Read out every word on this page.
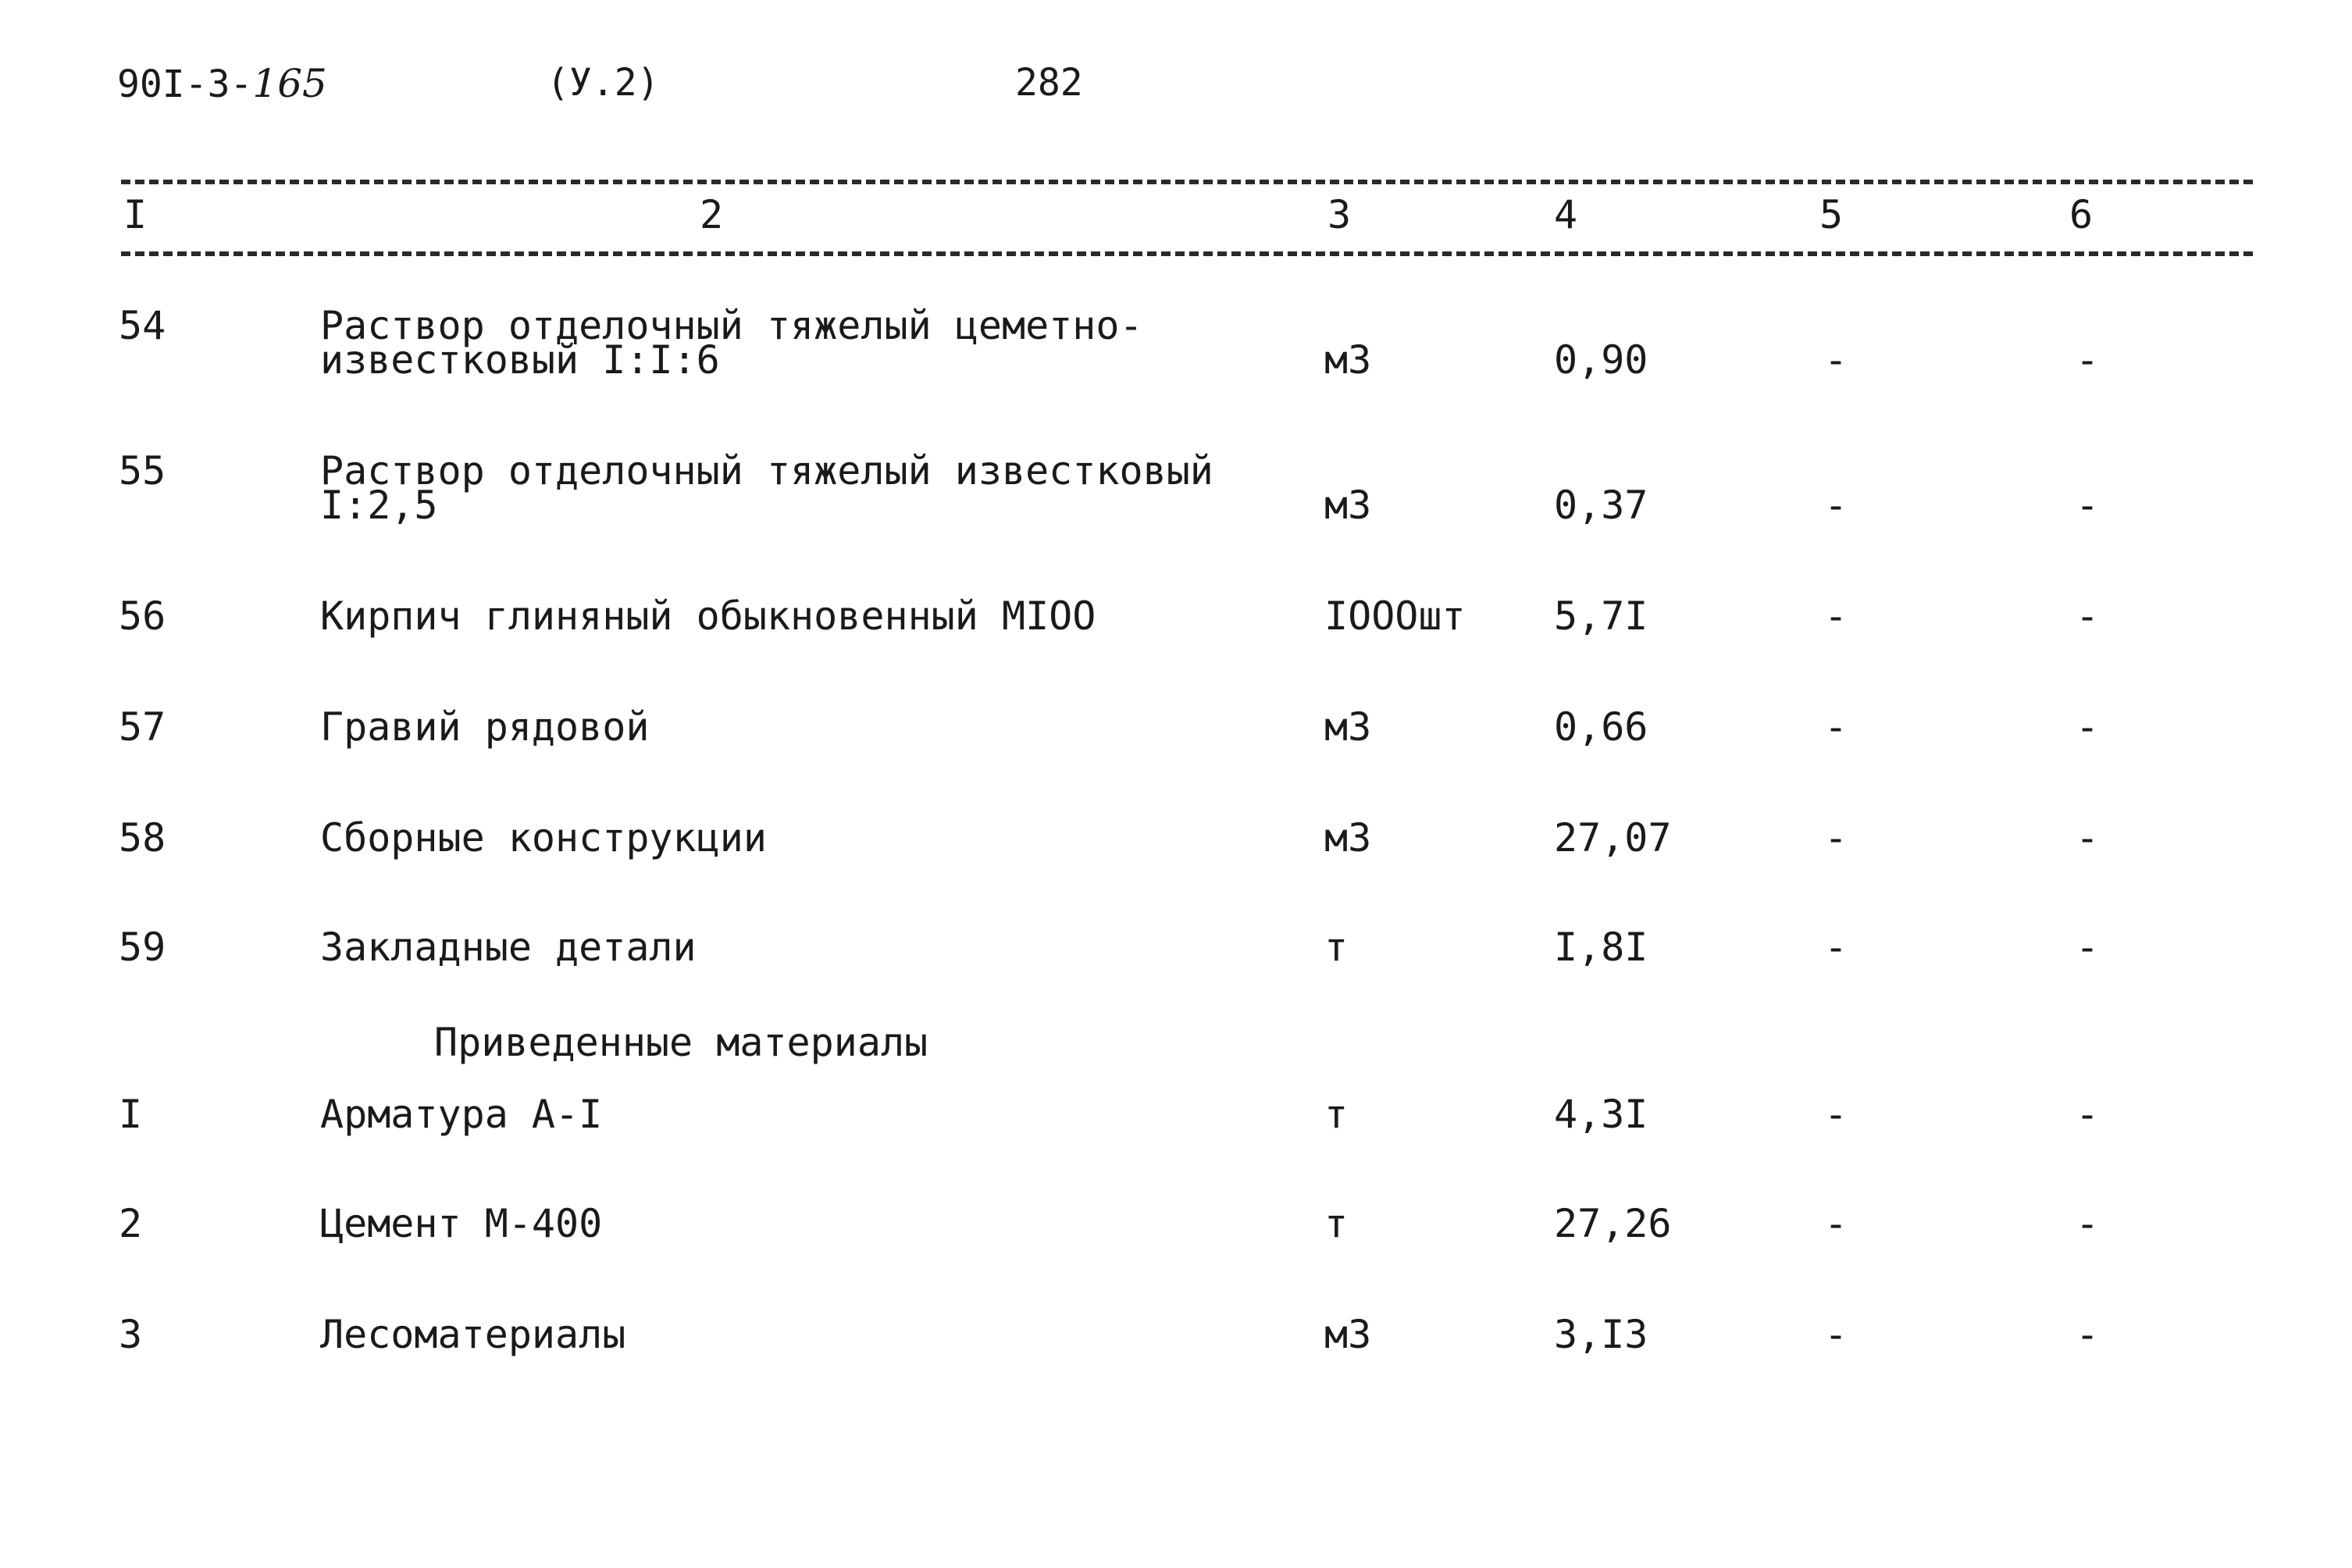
90I-3-165	(У.2)	282
I	2	3	4	5	6
54	Раствор отделочный тяжелый цеметно-
известковый I:I:6	м3	0,90	-	-
55	Раствор отделочный тяжелый известковый
I:2,5	м3	0,37	-	-
56	Кирпич глиняный обыкновенный МIOO	IOOOшт 5,7I	-	-
57	Гравий рядовой	м3	0,66	-	-
58	Сборные конструкции	м3	27,07	-	-
59	Закладные детали	т	I,8I	-	-
Приведенные материалы
I	Арматура А-I	т	4,3I	-	-
2	Цемент М-400	т	27,26	-	-
3	Лесоматериалы	м3	3,I3	-	-
